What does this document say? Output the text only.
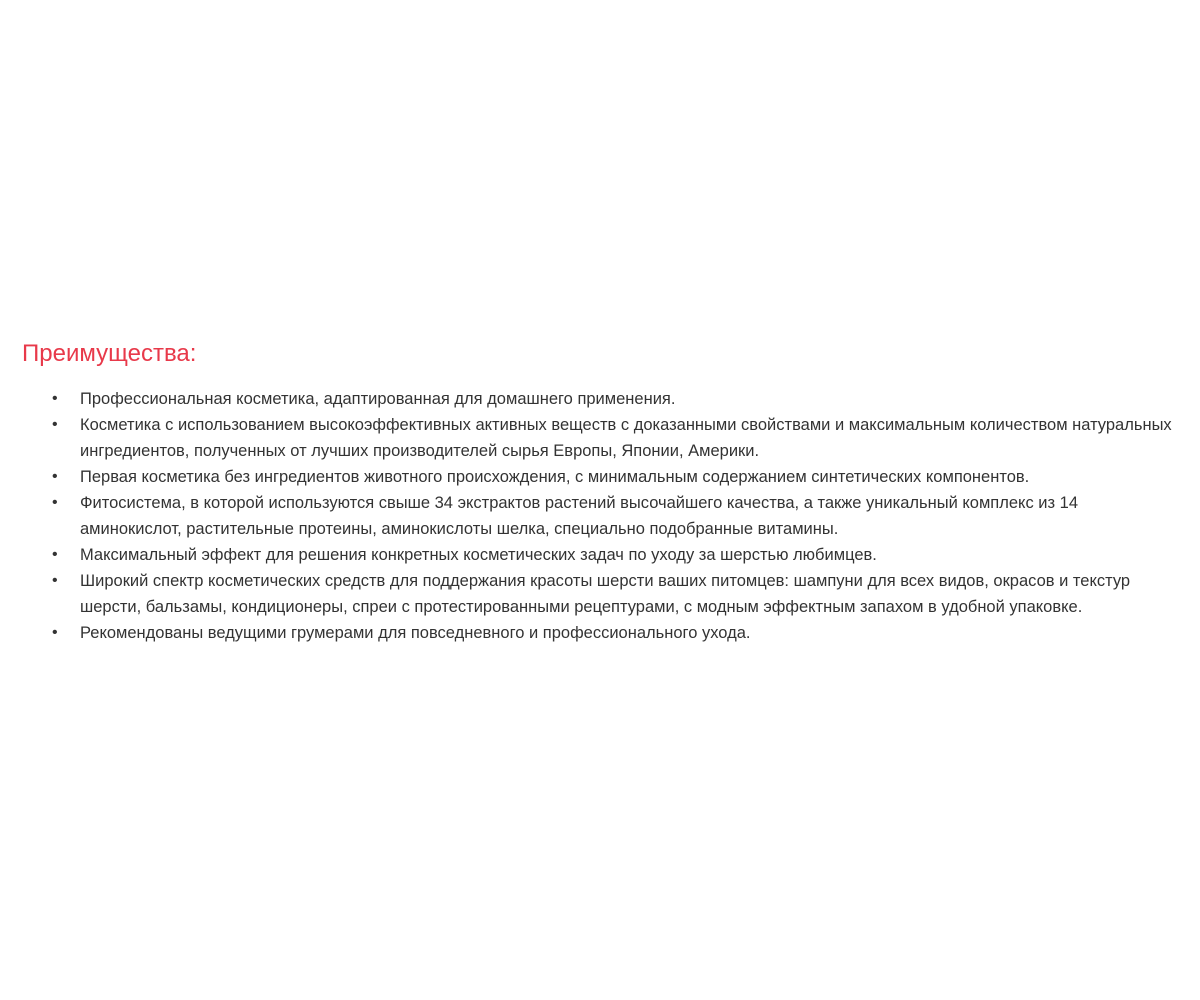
Преимущества:
• Профессиональная косметика, адаптированная для домашнего применения.
• Косметика с использованием высокоэффективных активных веществ с доказанными свойствами и максимальным количеством натуральных ингредиентов, полученных от лучших производителей сырья Европы, Японии, Америки.
• Первая косметика без ингредиентов животного происхождения, с минимальным содержанием синтетических компонентов.
• Фитосистема, в которой используются свыше 34 экстрактов растений высочайшего качества, а также уникальный комплекс из 14 аминокислот, растительные протеины, аминокислоты шелка, специально подобранные витамины.
• Максимальный эффект для решения конкретных косметических задач по уходу за шерстью любимцев.
• Широкий спектр косметических средств для поддержания красоты шерсти ваших питомцев: шампуни для всех видов, окрасов и текстур шерсти, бальзамы, кондиционеры, спреи с протестированными рецептурами, с модным эффектным запахом в удобной упаковке.
• Рекомендованы ведущими грумерами для повседневного и профессионального ухода.
